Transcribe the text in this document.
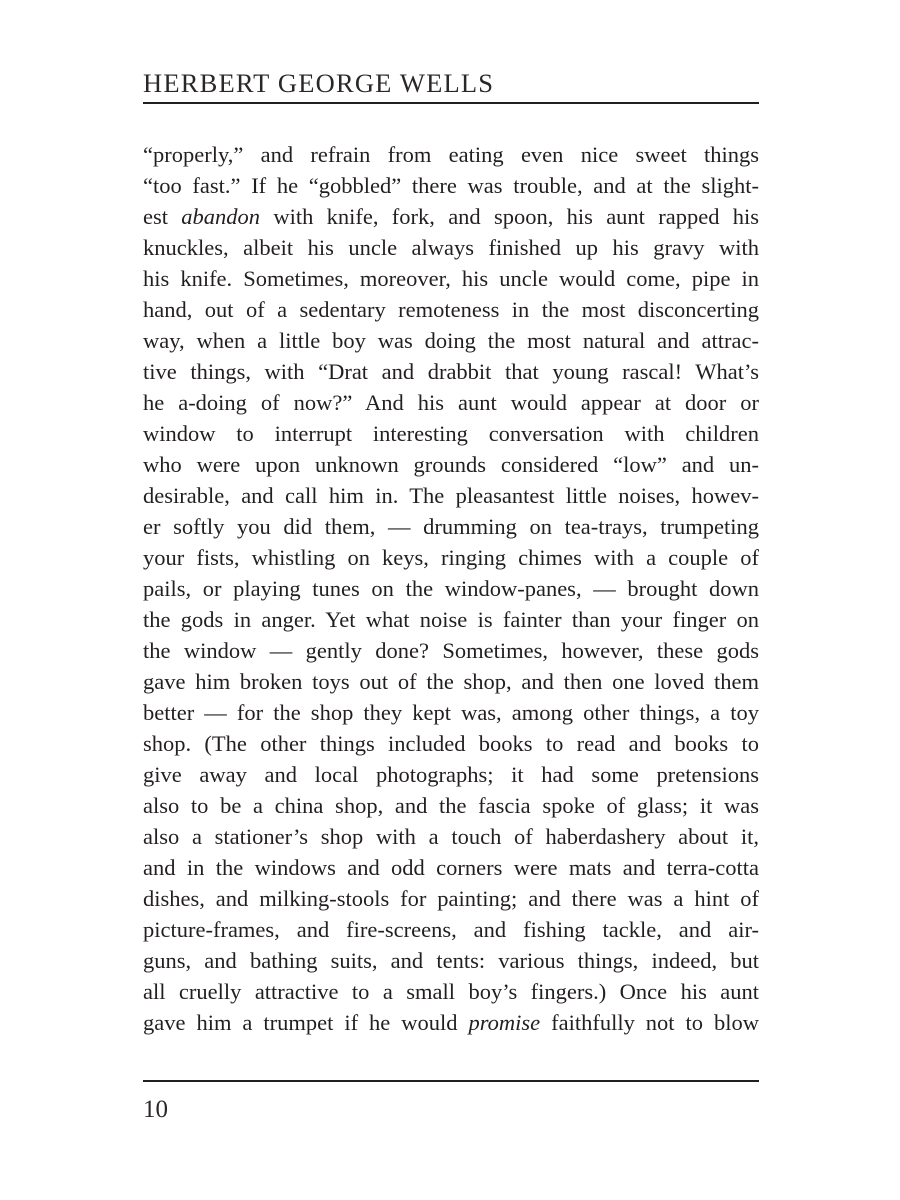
HERBERT GEORGE WELLS
“properly,” and refrain from eating even nice sweet things
“too fast.” If he “gobbled” there was trouble, and at the slight-
est abandon with knife, fork, and spoon, his aunt rapped his
knuckles, albeit his uncle always finished up his gravy with
his knife. Sometimes, moreover, his uncle would come, pipe in
hand, out of a sedentary remoteness in the most disconcerting
way, when a little boy was doing the most natural and attrac-
tive things, with “Drat and drabbit that young rascal! What’s
he a-doing of now?” And his aunt would appear at door or
window to interrupt interesting conversation with children
who were upon unknown grounds considered “low” and un-
desirable, and call him in. The pleasantest little noises, howev-
er softly you did them, — drumming on tea-trays, trumpeting
your fists, whistling on keys, ringing chimes with a couple of
pails, or playing tunes on the window-panes, — brought down
the gods in anger. Yet what noise is fainter than your finger on
the window — gently done? Sometimes, however, these gods
gave him broken toys out of the shop, and then one loved them
better — for the shop they kept was, among other things, a toy
shop. (The other things included books to read and books to
give away and local photographs; it had some pretensions
also to be a china shop, and the fascia spoke of glass; it was
also a stationer’s shop with a touch of haberdashery about it,
and in the windows and odd corners were mats and terra-cotta
dishes, and milking-stools for painting; and there was a hint of
picture-frames, and fire-screens, and fishing tackle, and air-
guns, and bathing suits, and tents: various things, indeed, but
all cruelly attractive to a small boy’s fingers.) Once his aunt
gave him a trumpet if he would promise faithfully not to blow
10
